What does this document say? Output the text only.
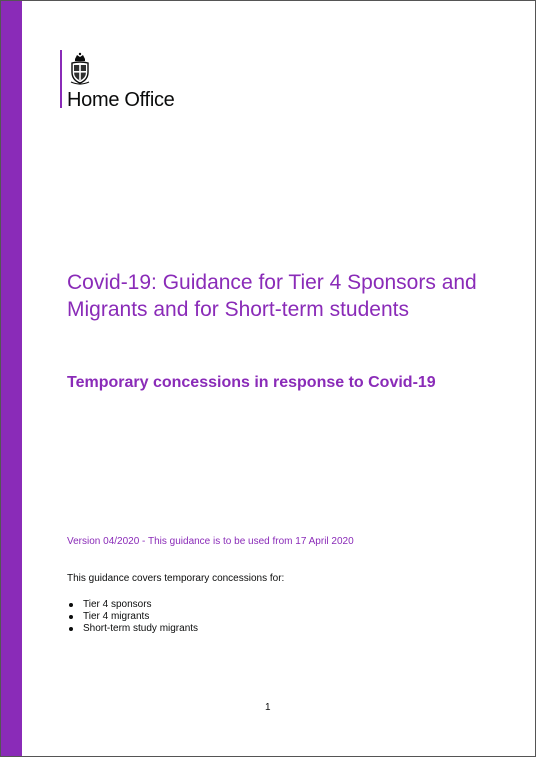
Home Office
Covid-19: Guidance for Tier 4 Sponsors and Migrants and for Short-term students
Temporary concessions in response to Covid-19
Version 04/2020 - This guidance is to be used from 17 April 2020
This guidance covers temporary concessions for:
Tier 4 sponsors
Tier 4 migrants
Short-term study migrants
1
